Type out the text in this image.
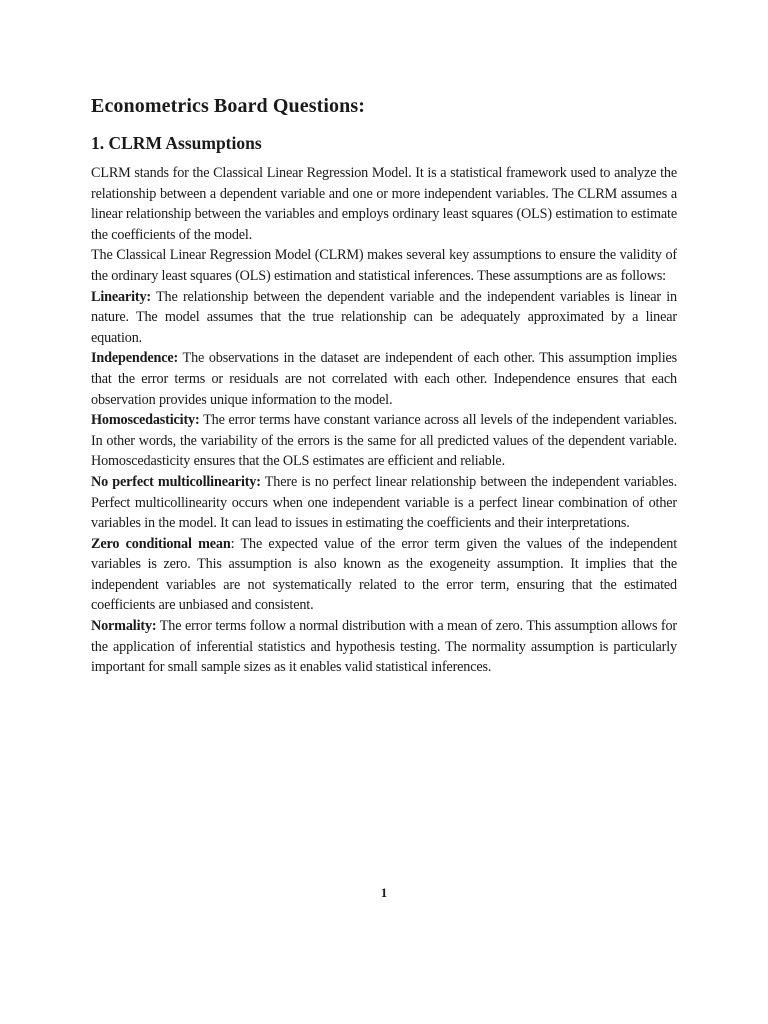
Econometrics Board Questions:
1. CLRM Assumptions

CLRM stands for the Classical Linear Regression Model. It is a statistical framework used to analyze the relationship between a dependent variable and one or more independent variables. The CLRM assumes a linear relationship between the variables and employs ordinary least squares (OLS) estimation to estimate the coefficients of the model.

The Classical Linear Regression Model (CLRM) makes several key assumptions to ensure the validity of the ordinary least squares (OLS) estimation and statistical inferences. These assumptions are as follows:

Linearity: The relationship between the dependent variable and the independent variables is linear in nature. The model assumes that the true relationship can be adequately approximated by a linear equation.

Independence: The observations in the dataset are independent of each other. This assumption implies that the error terms or residuals are not correlated with each other. Independence ensures that each observation provides unique information to the model.

Homoscedasticity: The error terms have constant variance across all levels of the independent variables. In other words, the variability of the errors is the same for all predicted values of the dependent variable. Homoscedasticity ensures that the OLS estimates are efficient and reliable.

No perfect multicollinearity: There is no perfect linear relationship between the independent variables. Perfect multicollinearity occurs when one independent variable is a perfect linear combination of other variables in the model. It can lead to issues in estimating the coefficients and their interpretations.

Zero conditional mean: The expected value of the error term given the values of the independent variables is zero. This assumption is also known as the exogeneity assumption. It implies that the independent variables are not systematically related to the error term, ensuring that the estimated coefficients are unbiased and consistent.

Normality: The error terms follow a normal distribution with a mean of zero. This assumption allows for the application of inferential statistics and hypothesis testing. The normality assumption is particularly important for small sample sizes as it enables valid statistical inferences.

1
